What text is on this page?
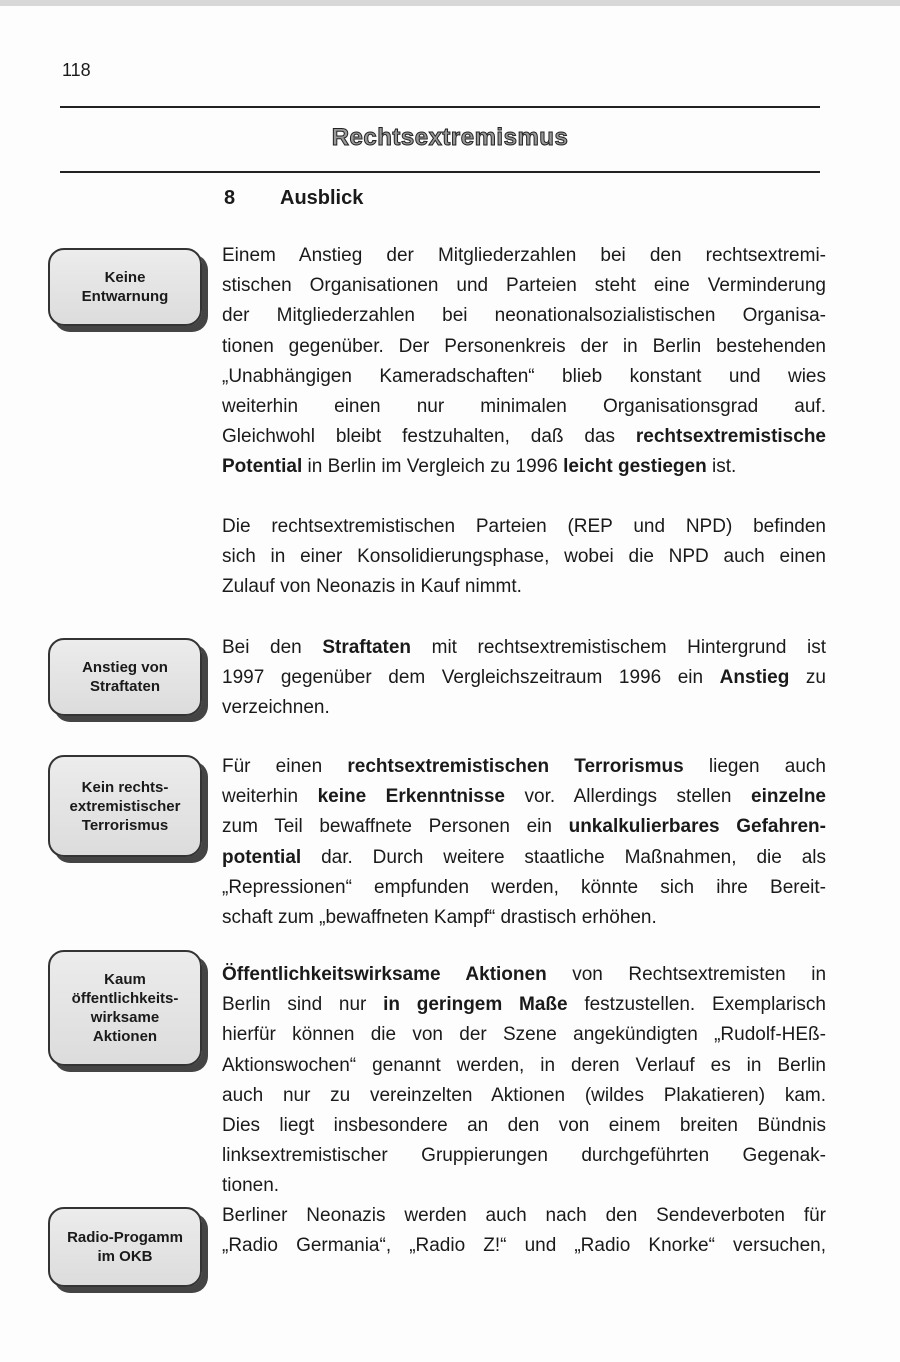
118
Rechtsextremismus
8 Ausblick
Keine
Entwarnung
Anstieg von
Straftaten
Kein rechts-
extremistischer
Terrorismus
Kaum
öffentlichkeits-
wirksame
Aktionen
Radio-Progamm
im OKB
Einem Anstieg der Mitgliederzahlen bei den rechtsextremi-
stischen Organisationen und Parteien steht eine Verminderung
der Mitgliederzahlen bei neonationalsozialistischen Organisa-
tionen gegenüber. Der Personenkreis der in Berlin bestehenden
„Unabhängigen Kameradschaften“ blieb konstant und wies
weiterhin einen nur minimalen Organisationsgrad auf.
Gleichwohl bleibt festzuhalten, daß das rechtsextremistische
Potential in Berlin im Vergleich zu 1996 leicht gestiegen ist.
Die rechtsextremistischen Parteien (REP und NPD) befinden
sich in einer Konsolidierungsphase, wobei die NPD auch einen
Zulauf von Neonazis in Kauf nimmt.
Bei den Straftaten mit rechtsextremistischem Hintergrund ist
1997 gegenüber dem Vergleichszeitraum 1996 ein Anstieg zu
verzeichnen.
Für einen rechtsextremistischen Terrorismus liegen auch
weiterhin keine Erkenntnisse vor. Allerdings stellen einzelne
zum Teil bewaffnete Personen ein unkalkulierbares Gefahren-
potential dar. Durch weitere staatliche Maßnahmen, die als
„Repressionen“ empfunden werden, könnte sich ihre Bereit-
schaft zum „bewaffneten Kampf“ drastisch erhöhen.
Öffentlichkeitswirksame Aktionen von Rechtsextremisten in
Berlin sind nur in geringem Maße festzustellen. Exemplarisch
hierfür können die von der Szene angekündigten „Rudolf-HEß-
Aktionswochen“ genannt werden, in deren Verlauf es in Berlin
auch nur zu vereinzelten Aktionen (wildes Plakatieren) kam.
Dies liegt insbesondere an den von einem breiten Bündnis
linksextremistischer Gruppierungen durchgeführten Gegenak-
tionen.
Berliner Neonazis werden auch nach den Sendeverboten für
„Radio Germania“, „Radio Z!“ und „Radio Knorke“ versuchen,
